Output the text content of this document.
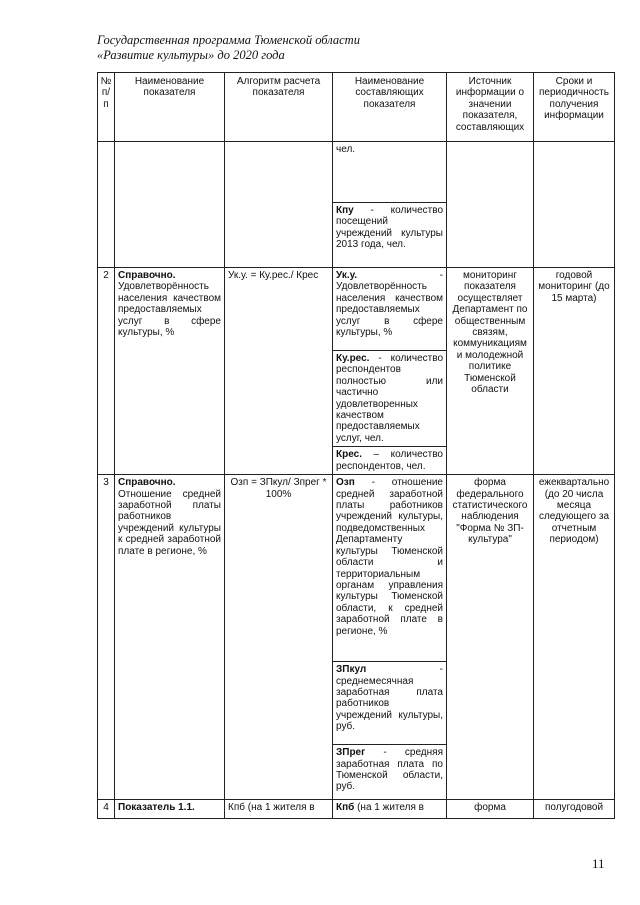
Государственная программа Тюменской области
«Развитие культуры» до 2020 года
№ п/п	Наименование показателя	Алгоритм расчета показателя	Наименование составляющих показателя	Источник информации о значении показателя, составляющих	Сроки и периодичность получения информации
			чел.		
			Кпу - количество посещений учреждений культуры 2013 года, чел.		
2	Справочно. Удовлетворённость населения качеством предоставляемых услуг в сфере культуры, %	Ук.у. = Ку.рес./ Крес	Ук.у. - Удовлетворённость населения качеством предоставляемых услуг в сфере культуры, %	мониторинг показателя осуществляет Департамент по общественным связям, коммуникациям и молодежной политике Тюменской области	годовой мониторинг (до 15 марта)
			Ку.рес. - количество респондентов полностью или частично удовлетворенных качеством предоставляемых услуг, чел.		
			Крес. – количество респондентов, чел.		
3	Справочно. Отношение средней заработной платы работников учреждений культуры к средней заработной плате в регионе, %	Озп = ЗПкул/ Зпрег * 100%	Озп - отношение средней заработной платы работников учреждений культуры, подведомственных Департаменту культуры Тюменской области и территориальным органам управления культуры Тюменской области, к средней заработной плате в регионе, %	форма федерального статистического наблюдения "Форма № ЗП-культура"	ежеквартально (до 20 числа месяца следующего за отчетным периодом)
			ЗПкул - среднемесячная заработная плата работников учреждений культуры, руб.		
			ЗПрег - средняя заработная плата по Тюменской области, руб.		
4	Показатель 1.1.	Кпб (на 1 жителя в	Кпб (на 1 жителя в	форма	полугодовой
11
